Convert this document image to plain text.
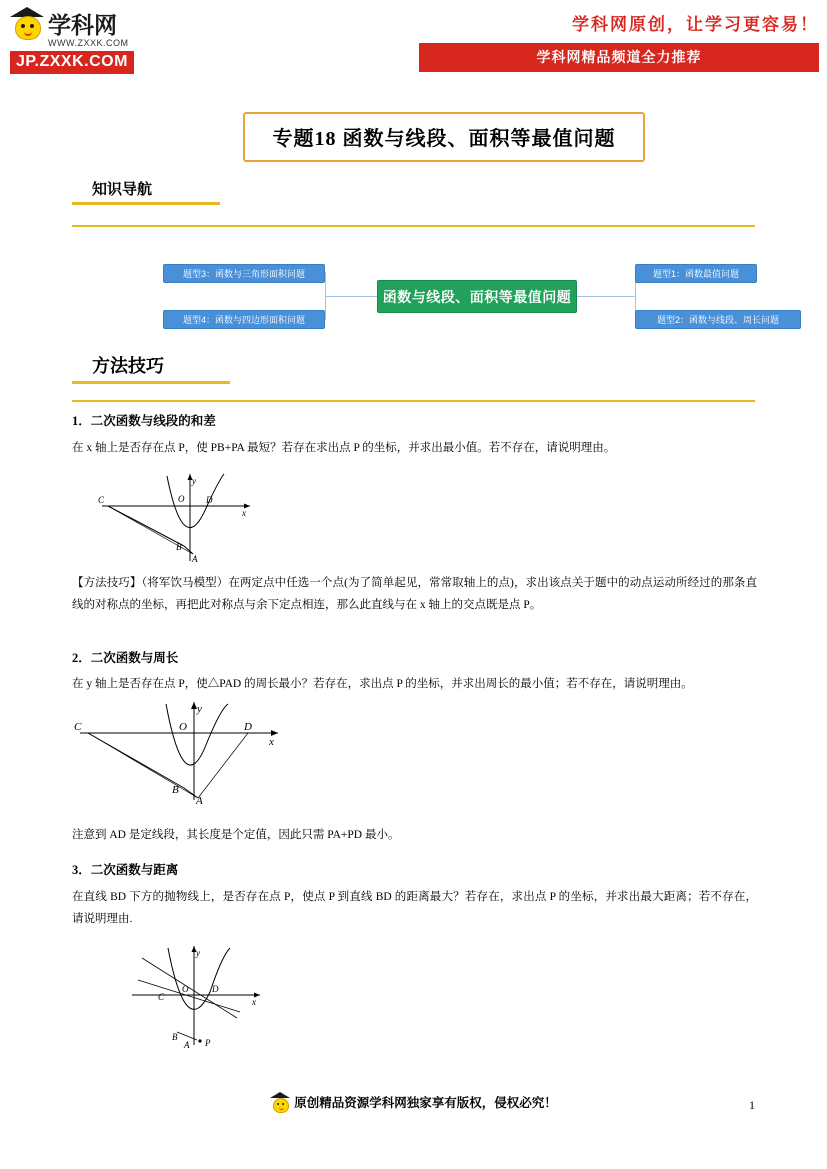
学科网
WWW.ZXXK.COM
JP.ZXXK.COM
学科网原创，让学习更容易！
学科网精品频道全力推荐
专题18 函数与线段、面积等最值问题
知识导航
题型3：函数与三角形面积问题
题型4：函数与四边形面积问题
函数与线段、面积等最值问题
题型1：函数最值问题
题型2：函数与线段、周长问题
方法技巧
1．二次函数与线段的和差
在 x 轴上是否存在点 P，使 PB+PA 最短？若存在求出点 P 的坐标，并求出最小值。若不存在，请说明理由。
y
x
O
C	D
B
A
【方法技巧】（将军饮马模型）在两定点中任选一个点(为了简单起见，常常取轴上的点)，求出该点关于题中的动点运动所经过的那条直线的对称点的坐标，再把此对称点与余下定点相连，那么此直线与在 x 轴上的交点既是点 P。
2．二次函数与周长
在 y 轴上是否存在点 P，使△PAD 的周长最小？若存在，求出点 P 的坐标，并求出周长的最小值；若不存在，请说明理由。
y
x
O
C	D
B
A
注意到 AD 是定线段，其长度是个定值，因此只需 PA+PD 最小。
3．二次函数与距离
在直线 BD 下方的抛物线上，是否存在点 P，使点 P 到直线 BD 的距离最大？若存在，求出点 P 的坐标，并求出最大距离；若不存在，请说明理由.
y
x
O
C
D
B
A P
原创精品资源学科网独家享有版权，侵权必究！	1
